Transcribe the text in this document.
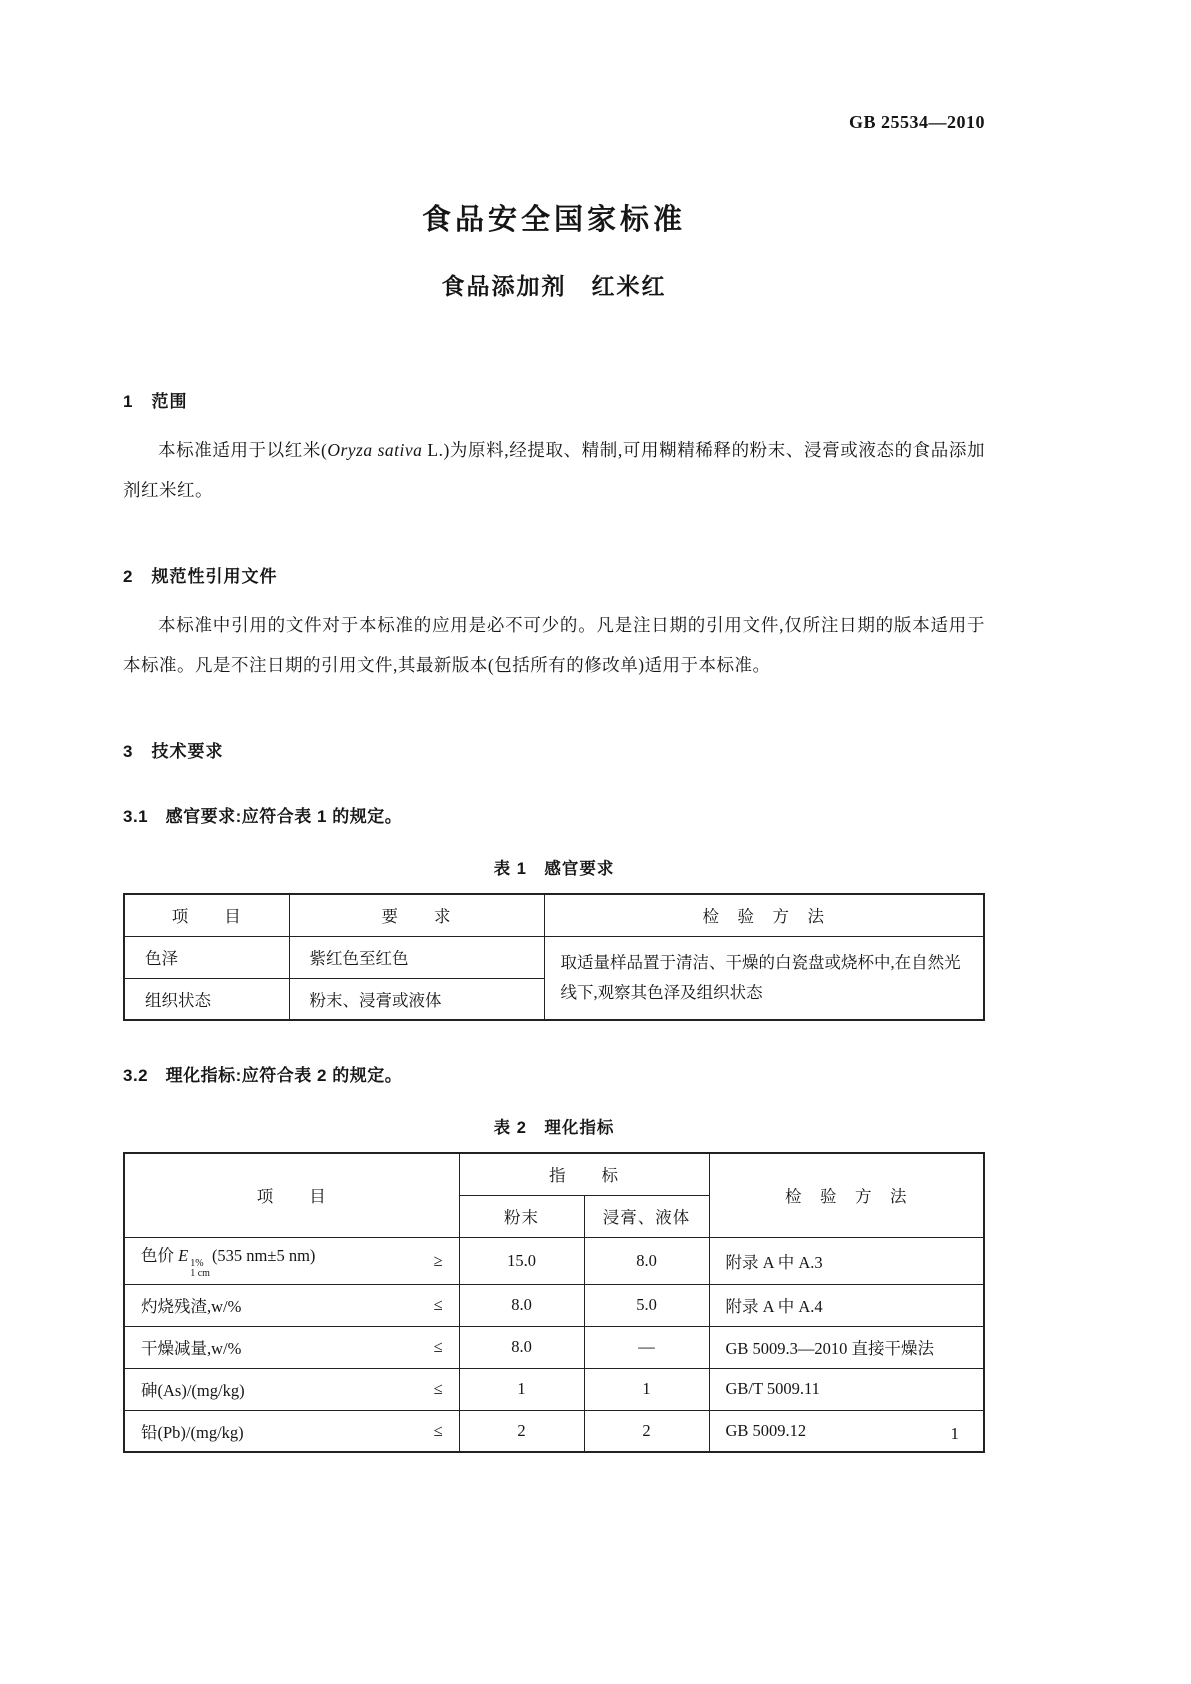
GB 25534—2010
食品安全国家标准
食品添加剂　红米红
1　范围

本标准适用于以红米(Oryza sativa L.)为原料,经提取、精制,可用糊精稀释的粉末、浸膏或液态的食品添加剂红米红。

2　规范性引用文件

本标准中引用的文件对于本标准的应用是必不可少的。凡是注日期的引用文件,仅所注日期的版本适用于本标准。凡是不注日期的引用文件,其最新版本(包括所有的修改单)适用于本标准。

3　技术要求
3.1　感官要求:应符合表 1 的规定。
表 1　感官要求
项　　目	要　　求	检　验　方　法
色泽	紫红色至红色	取适量样品置于清洁、干燥的白瓷盘或烧杯中,在自然光线下,观察其色泽及组织状态
组织状态	粉末、浸膏或液体	
3.2　理化指标:应符合表 2 的规定。
表 2　理化指标
项　　目	指　　标		检　验　方　法
	粉末	浸膏、液体	

色价 E 1%
1 cm
(535 nm±5 nm) ≥	15.0	8.0	附录 A 中 A.3

灼烧残渣,w/% ≤	8.0	5.0	附录 A 中 A.4

干燥减量,w/% ≤	8.0	—	GB 5009.3—2010 直接干燥法

砷(As)/(mg/kg) ≤	1	1	GB/T 5009.11

铅(Pb)/(mg/kg) ≤	2	2	GB 5009.12	1
